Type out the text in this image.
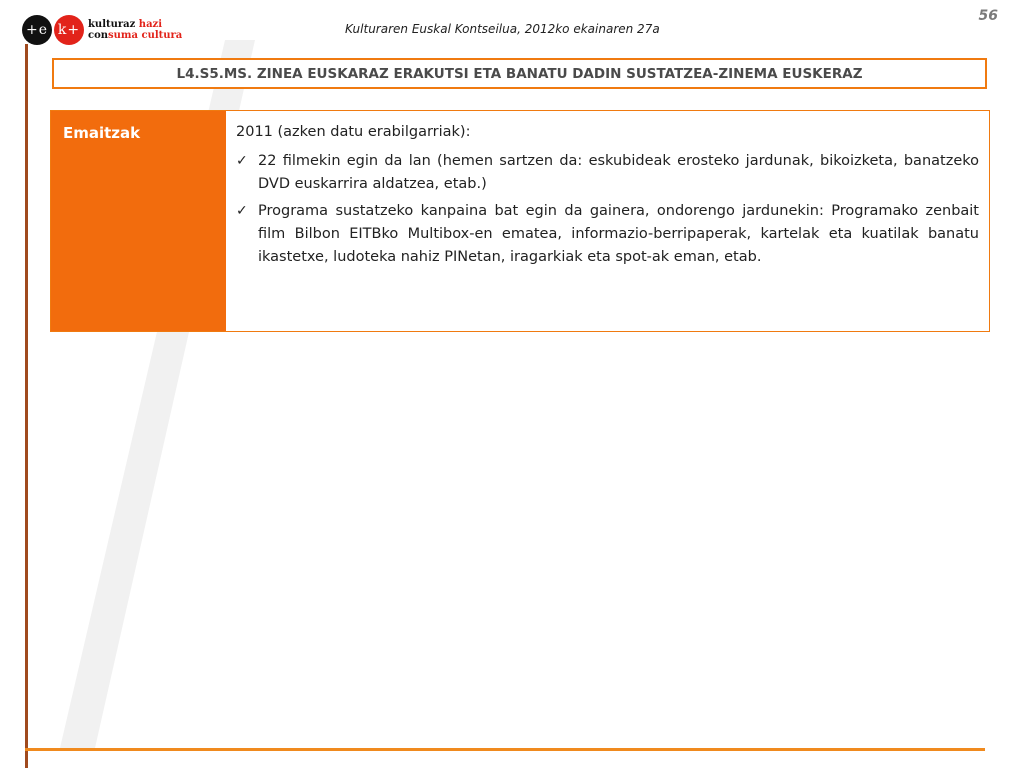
+e k+ kulturaz hazi
consuma cultura	Kulturaren Euskal Kontseilua, 2012ko ekainaren 27a
56
L4.S5.MS. ZINEA EUSKARAZ ERAKUTSI ETA BANATU DADIN SUSTATZEA-ZINEMA EUSKERAZ
Emaitzak	2011 (azken datu erabilgarriak):

✓ 22 filmekin egin da lan (hemen sartzen da: eskubideak erosteko jardunak, bikoizketa, banatzeko DVD euskarrira aldatzea, etab.)
✓ Programa sustatzeko kanpaina bat egin da gainera, ondorengo jardunekin: Programako zenbait film Bilbon EITBko Multibox-en ematea, informazio-berripaperak, kartelak eta kuatilak banatu ikastetxe, ludoteka nahiz PINetan, iragarkiak eta spot-ak eman, etab.
